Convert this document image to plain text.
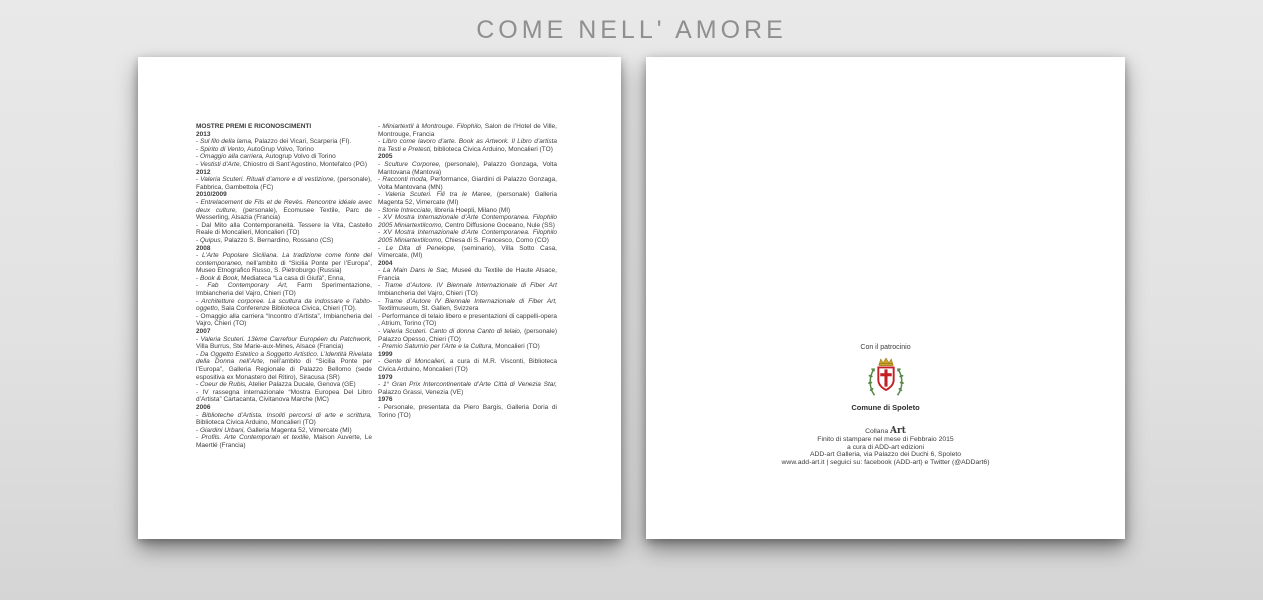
COME NELL' AMORE
MOSTRE PREMI E RICONOSCIMENTI
2013
- Sul filo della lama, Palazzo dei Vicari, Scarperia (FI).
- Spirito di Vento, AutoGrup Volvo, Torino
- Omaggio alla carriera, Autogrup Volvo di Torino
- Vestisti d’Arte, Chiostro di Sant’Agostino, Montefalco (PG)
2012
- Valeria Scuteri. Rituali d’amore e di vestizione, (personale), Fabbrica, Gambettola (FC)
2010/2009
- Entrelacement de Fils et de Revès. Rencontre idéale avec deux culture, (personale), Ecomusee Textile, Parc de Wesserling, Alsazia (Francia)
- Dal Mito alla Contemporaneità. Tessere la Vita, Castello Reale di Moncalieri, Moncalieri (TO)
- Quipus, Palazzo S. Bernardino, Rossano (CS)
2008
- L’Arte Popolare Siciliana. La tradizione come fonte del contemporaneo, nell’ambito di “Sicilia Ponte per l’Europa”, Museo Etnografico Russo, S. Pietroburgo (Russia)
- Book & Book, Mediateca “La casa di Giufà”, Enna,
- Fab Contemporary Art, Farm Sperimentazione, Imbiancheria del Vajro, Chieri (TO)
- Architetture corporee. La scultura da indossare e l’abito-oggetto, Sala Conferenze Biblioteca Civica, Chieri (TO).
- Omaggio alla carriera “Incontro d’Artista”, Imbiancheria del Vajro, Chieri (TO)
2007
- Valeria Scuteri. 13ème Carrefour Européen du Patchwork, Villa Burrus, Ste Marie-aux-Mines, Alsace (Francia)
- Da Oggetto Estetico a Soggetto Artistico. L’Identità Rivelata della Donna nell’Arte, nell’ambito di “Sicilia Ponte per l’Europa”, Galleria Regionale di Palazzo Bellomo (sede espositiva ex Monastero del Ritiro), Siracusa (SR)
- Coeur de Rubis, Atelier Palazza Ducale, Genova (GE)
- IV rassegna internazionale “Mostra Europea Del Libro d’Artista” Cartacanta, Civitanova Marche (MC)
2006
- Biblioteche d’Artista. Insoliti percorsi di arte e scrittura, Biblioteca Civica Arduino, Moncalieri (TO)
- Giardini Urbani, Galleria Magenta 52, Vimercate (MI)
- Profils. Arte Contemporain et textile, Maison Auverte, Le Maertlé (Francia)
- Miniartextil à Montrouge. Filophilo, Salon de l’Hotel de Ville, Montrouge, Francia
- Libro come lavoro d’arte. Book as Artwork. Il Libro d’artista tra Testi e Pretesti, biblioteca Civica Arduino, Moncalieri (TO)
2005
- Sculture Corporee, (personale), Palazzo Gonzaga, Volta Mantovana (Mantova)
- Racconti moda, Performance, Giardini di Palazzo Gonzaga, Volta Mantovana (MN)
- Valeria Scuteri. Fili tra le Maree, (personale) Galleria Magenta 52, Vimercate (MI)
- Storie Intrecciate, libreria Hoepli, Milano (MI)
- XV Mostra Internazionale d’Arte Contemporanea. Filophilo 2005 Miniartextilcomo, Centro Diffusione Goceano, Nule (SS)
- XV Mostra Internazionale d’Arte Contemporanea. Filophilo 2005 Miniartextilcomo, Chiesa di S. Francesco, Como (CO)
- Le Dita di Penelope, (seminario), Villa Sotto Casa, Vimercate, (MI)
2004
- La Main Dans le Sac, Museé du Textile de Haute Alsace, Francia
- Trame d’Autore. IV Biennale Internazionale di Fiber Art Imbiancheria del Vajro, Chieri (TO)
- Trame d’Autore IV Biennale Internazionale di Fiber Art, Textilmuseum, St. Gallen, Svizzera
- Performance di telaio libero e presentazioni di cappelli-opera , Atrium, Torino (TO)
- Valeria Scuteri. Canto di donna Canto di telaio, (personale) Palazzo Opesso, Chieri (TO)
- Premio Saturnio per l’Arte e la Cultura, Moncalieri (TO)
1999
- Gente di Moncalieri, a cura di M.R. Visconti, Biblioteca Civica Arduino, Moncalieri (TO)
1979
- 1° Gran Prix Intercontinentale d’Arte Città di Venezia Star, Palazzo Grassi, Venezia (VE)
1976
- Personale, presentata da Piero Bargis, Galleria Doria di Torino (TO)
Con il patrocinio
Comune di Spoleto
Collana Art
Finito di stampare nel mese di Febbraio 2015
a cura di ADD-art edizioni
ADD-art Galleria, via Palazzo dei Duchi 6, Spoleto
www.add-art.it | seguici su: facebook (ADD-art) e Twitter (@ADDart6)
